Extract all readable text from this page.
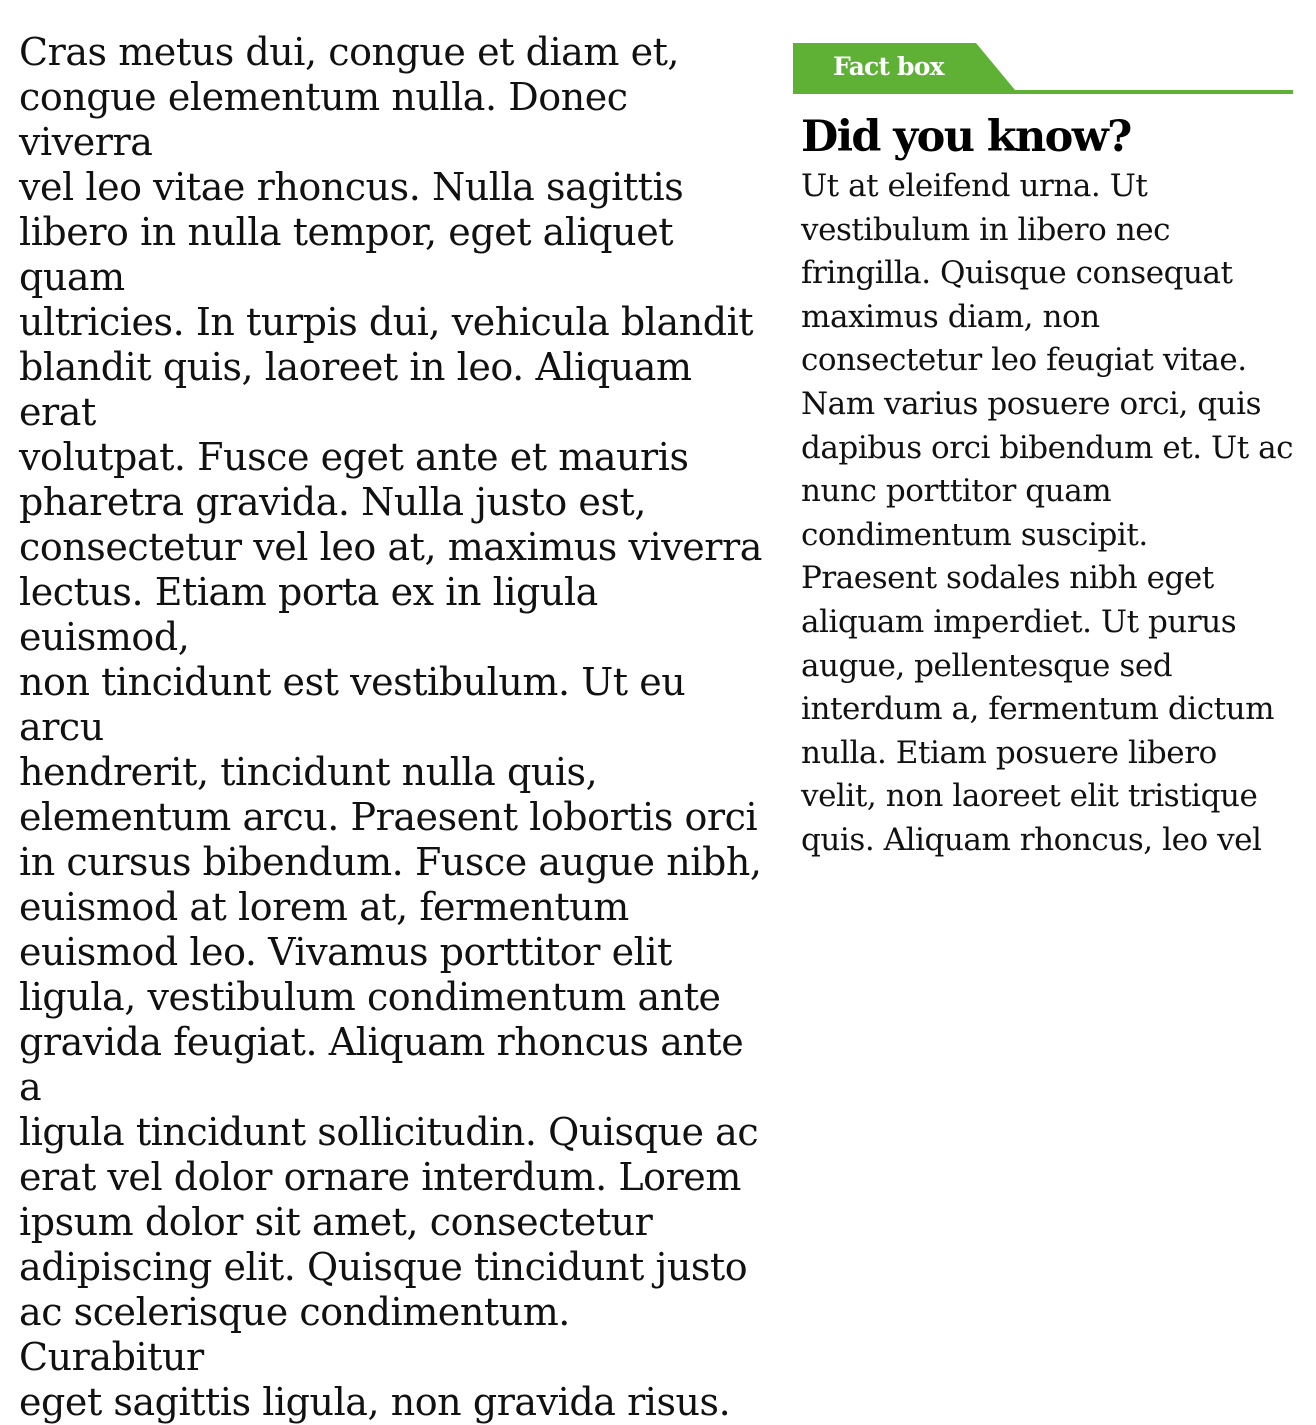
Cras metus dui, congue et diam et,
congue elementum nulla. Donec viverra
vel leo vitae rhoncus. Nulla sagittis
libero in nulla tempor, eget aliquet quam
ultricies. In turpis dui, vehicula blandit
blandit quis, laoreet in leo. Aliquam erat
volutpat. Fusce eget ante et mauris
pharetra gravida. Nulla justo est,
consectetur vel leo at, maximus viverra
lectus. Etiam porta ex in ligula euismod,
non tincidunt est vestibulum. Ut eu arcu
hendrerit, tincidunt nulla quis,
elementum arcu. Praesent lobortis orci
in cursus bibendum. Fusce augue nibh,
euismod at lorem at, fermentum
euismod leo. Vivamus porttitor elit
ligula, vestibulum condimentum ante
gravida feugiat. Aliquam rhoncus ante a
ligula tincidunt sollicitudin. Quisque ac
erat vel dolor ornare interdum. Lorem
ipsum dolor sit amet, consectetur
adipiscing elit. Quisque tincidunt justo
ac scelerisque condimentum. Curabitur
eget sagittis ligula, non gravida risus.

Fact box
Did you know?

Ut at eleifend urna. Ut
vestibulum in libero nec
fringilla. Quisque consequat
maximus diam, non
consectetur leo feugiat vitae.
Nam varius posuere orci, quis
dapibus orci bibendum et. Ut ac
nunc porttitor quam
condimentum suscipit.
Praesent sodales nibh eget
aliquam imperdiet. Ut purus
augue, pellentesque sed
interdum a, fermentum dictum
nulla. Etiam posuere libero
velit, non laoreet elit tristique
quis. Aliquam rhoncus, leo vel
